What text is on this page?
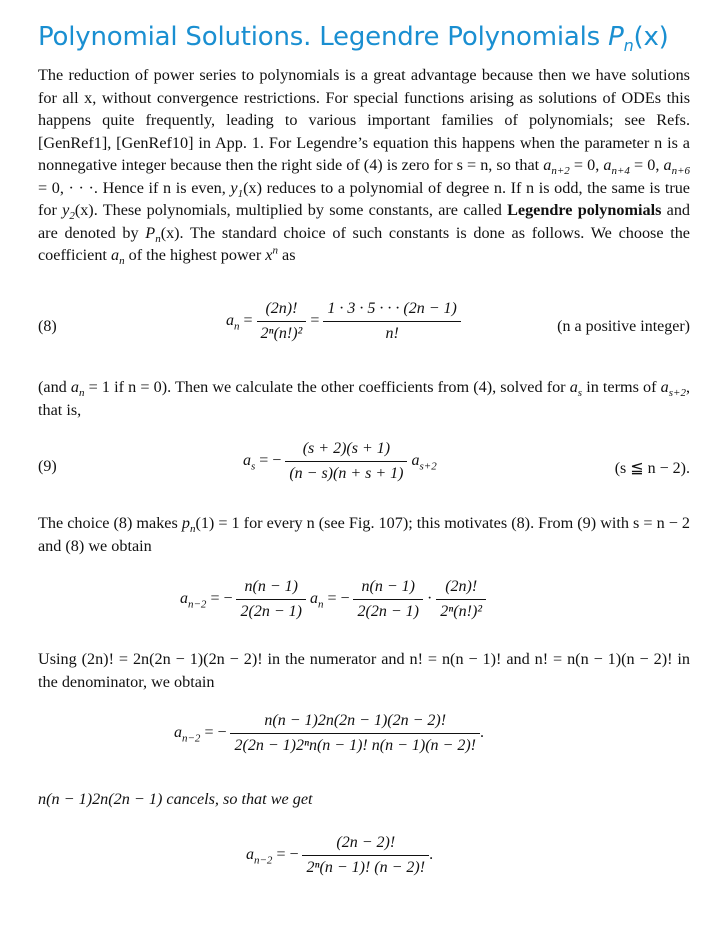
Polynomial Solutions. Legendre Polynomials $P_n(x)$

The reduction of power series to polynomials is a great advantage because then we have solutions for all x, without convergence restrictions. For special functions arising as solutions of ODEs this happens quite frequently, leading to various important families of polynomials; see Refs. [GenRef1], [GenRef10] in App. 1. For Legendre’s equation this happens when the parameter n is a nonnegative integer because then the right side of (4) is zero for s = n, so that $a_{n+2} = 0$, $a_{n+4} = 0$, $a_{n+6} = 0$, · · ·. Hence if n is even, $y_1(x)$ reduces to a polynomial of degree n. If n is odd, the same is true for $y_2(x)$. These polynomials, multiplied by some constants, are called Legendre polynomials and are denoted by $P_n(x)$. The standard choice of such constants is done as follows. We choose the coefficient $a_n$ of the highest power $x^n$ as

(8)	$a_n = \frac{(2n)!}{\text{2ⁿ(n!)²}} = \frac{1 \cdot 3 \cdot 5 \cdot \cdot \cdot (2n - 1)}{n!}$	(n a positive integer)

(and $a_n = 1$ if n = 0). Then we calculate the other coefficients from (4), solved for $a_s$ in terms of $a_{s+2}$, that is,

(9)	$a_s$ = − $\frac{(s + 2)(s + 1)}{(n - s)(n + s + 1)} a_{s+2}$	(s ≦ n − 2).

The choice (8) makes $p_n(1) = 1$ for every n (see Fig. 107); this motivates (8). From (9) with s = n − 2 and (8) we obtain

$a_{n-2}$ = − $\frac{n(n - 1)}{2(2n - 1)} a_n$ = − $\frac{n(n - 1)}{2(2n - 1)} \cdot \frac{(2n)!}{\text{2ⁿ(n!)²}}$

Using (2n)! = 2n(2n − 1)(2n − 2)! in the numerator and n! = n(n − 1)! and n! = n(n − 1)(n − 2)! in the denominator, we obtain

$a_{n-2}$ = − $\frac{n(n - 1)2n(2n - 1)(2n - 2)!}{\text{2(2n − 1)2ⁿn(n − 1)! n(n − 1)(n − 2)!}}$ .

n(n − 1)2n(2n − 1) cancels, so that we get

$a_{n-2}$ = − $\frac{(2n - 2)!}{\text{2ⁿ(n − 1)! (n − 2)!}}$ .
